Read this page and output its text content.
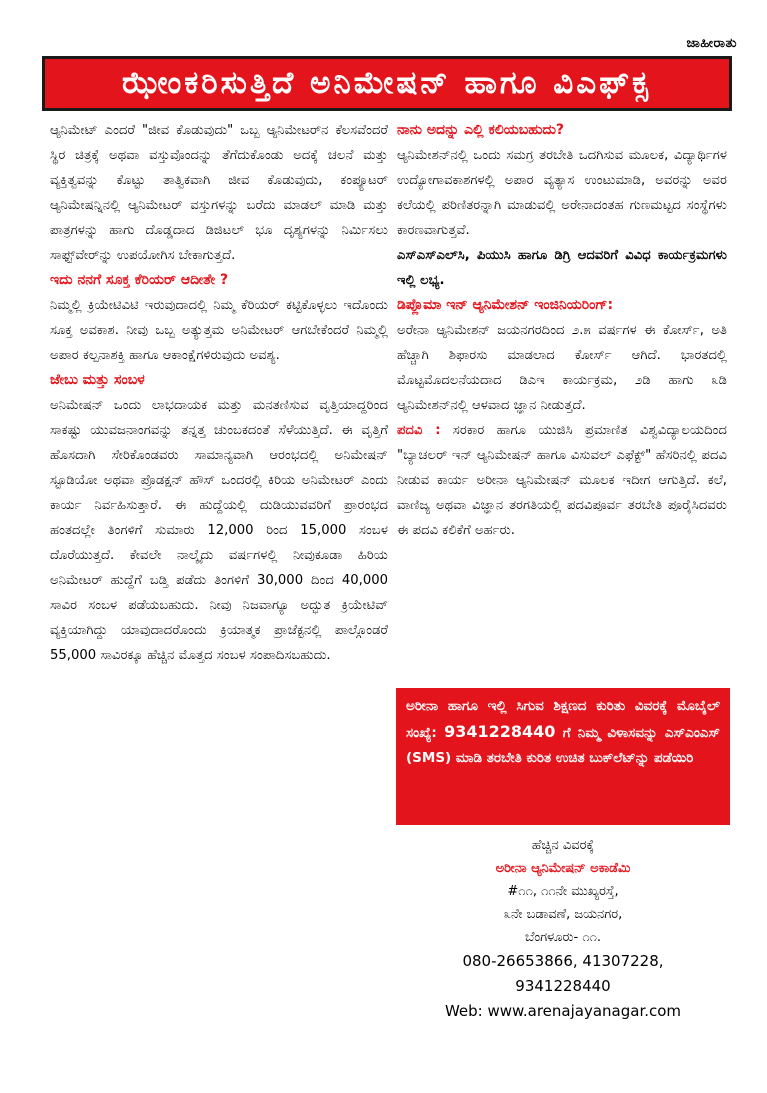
ಜಾಹೀರಾತು
ಝೇಂಕರಿಸುತ್ತಿದೆ ಅನಿಮೇಷನ್ ಹಾಗೂ ವಿಎಫ್‌ಕ್ಸ

ಆ್ಯನಿಮೇಟ್ ಎಂದರೆ "ಜೀವ ಕೊಡುವುದು" ಒಬ್ಬ ಆ್ಯನಿಮೇಟರ್‌ನ ಕೆಲಸವೆಂದರೆ ಸ್ಥಿರ ಚಿತ್ರಕ್ಕೆ ಅಥವಾ ವಸ್ತುವೊಂದನ್ನು ತೆಗೆದುಕೊಂಡು ಅದಕ್ಕೆ ಚಲನೆ ಮತ್ತು ವ್ಯಕ್ತಿತ್ವವನ್ನು ಕೊಟ್ಟು ತಾತ್ವಿಕವಾಗಿ ಜೀವ ಕೊಡುವುದು, ಕಂಪ್ಯೂಟರ್ ಆ್ಯನಿಮೇಷನ್ನಿನಲ್ಲಿ ಆ್ಯನಿಮೇಟರ್ ವಸ್ತುಗಳನ್ನು ಬರೆದು ಮಾಡಲ್ ಮಾಡಿ ಮತ್ತು ಪಾತ್ರಗಳನ್ನು ಹಾಗು ದೊಡ್ಡದಾದ ಡಿಜಿಟಲ್ ಭೂ ದೃಶ್ಯಗಳನ್ನು ನಿರ್ಮಿಸಲು ಸಾಫ್ಟ್‌ವೇರ್‌ನ್ನು ಉಪಯೋಗಿಸ ಬೇಕಾಗುತ್ತದೆ.

ಇದು ನನಗೆ ಸೂಕ್ತ ಕೆರಿಯರ್ ಆದೀತೇ ?

ನಿಮ್ಮಲ್ಲಿ ಕ್ರಿಯೇಟಿವಿಟಿ ಇರುವುದಾದಲ್ಲಿ ನಿಮ್ಮ ಕೆರಿಯರ್ ಕಟ್ಟಿಕೊಳ್ಳಲು ಇದೊಂದು ಸೂಕ್ತ ಅವಕಾಶ. ನೀವು ಒಬ್ಬ ಅತ್ಯುತ್ತಮ ಅನಿಮೇಟರ್ ಆಗಬೇಕೆಂದರೆ ನಿಮ್ಮಲ್ಲಿ ಅಪಾರ ಕಲ್ಪನಾಶಕ್ತಿ ಹಾಗೂ ಆಕಾಂಕ್ಷೆಗಳಿರುವುದು ಅವಶ್ಯ.

ಜೇಬು ಮತ್ತು ಸಂಬಳ

ಅನಿಮೇಷನ್ ಒಂದು ಲಾಭದಾಯಕ ಮತ್ತು ಮನತಣಿಸುವ ವೃತ್ತಿಯಾದ್ದರಿಂದ ಸಾಕಷ್ಟು ಯುವಜನಾಂಗವನ್ನು ತನ್ನತ್ತ ಚುಂಬಕದಂತೆ ಸೆಳೆಯುತ್ತಿದೆ. ಈ ವೃತ್ತಿಗೆ ಹೊಸದಾಗಿ ಸೇರಿಕೊಂಡವರು ಸಾಮಾನ್ಯವಾಗಿ ಆರಂಭದಲ್ಲಿ ಅನಿಮೇಷನ್ ಸ್ಟೂಡಿಯೋ ಅಥವಾ ಪ್ರೊಡಕ್ಷನ್ ಹೌಸ್ ಒಂದರಲ್ಲಿ ಕಿರಿಯ ಅನಿಮೇಟರ್ ಎಂದು ಕಾರ್ಯ ನಿರ್ವಹಿಸುತ್ತಾರೆ. ಈ ಹುದ್ದೆಯಲ್ಲಿ ದುಡಿಯುವವರಿಗೆ ಪ್ರಾರಂಭದ ಹಂತದಲ್ಲೇ ತಿಂಗಳಿಗೆ ಸುಮಾರು 12,000 ರಿಂದ 15,000 ಸಂಬಳ ದೊರೆಯುತ್ತದೆ. ಕೇವಲೇ ನಾಲ್ಕೈದು ವರ್ಷಗಳಲ್ಲಿ ನೀವುಕೂಡಾ ಹಿರಿಯ ಅನಿಮೇಟರ್ ಹುದ್ದೆಗೆ ಬಡ್ತಿ ಪಡೆದು ತಿಂಗಳಿಗೆ 30,000 ದಿಂದ 40,000 ಸಾವಿರ ಸಂಬಳ ಪಡೆಯಬಹುದು. ನೀವು ನಿಜವಾಗ್ಯೂ ಅದ್ಭುತ ಕ್ರಿಯೇಟಿವ್ ವ್ಯಕ್ತಿಯಾಗಿದ್ದು ಯಾವುದಾದರೊಂದು ಕ್ರಿಯಾತ್ಮಕ ಪ್ರಾಜೆಕ್ಟನಲ್ಲಿ ಪಾಲ್ಗೊಂಡರೆ 55,000 ಸಾವಿರಕ್ಕೂ ಹೆಚ್ಚಿನ ಮೊತ್ತದ ಸಂಬಳ ಸಂಪಾದಿಸಬಹುದು.

ನಾನು ಅದನ್ನು ಎಲ್ಲಿ ಕಲಿಯಬಹುದು?

ಆ್ಯನಿಮೇಶನ್‌ನಲ್ಲಿ ಒಂದು ಸಮಗ್ರ ತರಬೇತಿ ಒದಗಿಸುವ ಮೂಲಕ, ವಿದ್ಯಾರ್ಥಿಗಳ ಉದ್ಯೋಗಾವಕಾಶಗಳಲ್ಲಿ ಅಪಾರ ವ್ಯತ್ಯಾಸ ಉಂಟುಮಾಡಿ, ಅವರನ್ನು ಅವರ ಕಲೆಯಲ್ಲಿ ಪರಿಣಿತರನ್ನಾಗಿ ಮಾಡುವಲ್ಲಿ ಅರೇನಾದಂತಹ ಗುಣಮಟ್ಟದ ಸಂಸ್ಥೆಗಳು ಕಾರಣವಾಗುತ್ತವೆ.

ಎಸ್‌ಎಸ್‌ಎಲ್‌ಸಿ, ಪಿಯುಸಿ ಹಾಗೂ ಡಿಗ್ರಿ ಆದವರಿಗೆ ವಿವಿಧ ಕಾರ್ಯಕ್ರಮಗಳು ಇಲ್ಲಿ ಲಭ್ಯ.

ಡಿಪ್ಲೊಮಾ ಇನ್ ಆ್ಯನಿಮೇಶನ್ ಇಂಜಿನಿಯರಿಂಗ್:

ಅರೇನಾ ಆ್ಯನಿಮೇಶನ್ ಜಯನಗರದಿಂದ ೨.೫ ವರ್ಷಗಳ ಈ ಕೋರ್ಸ್, ಅತಿ ಹೆಚ್ಚಾಗಿ ಶಿಫಾರಸು ಮಾಡಲಾದ ಕೋರ್ಸ್ ಆಗಿದೆ. ಭಾರತದಲ್ಲಿ ಮೊಟ್ಟಮೊದಲನೆಯದಾದ ಡಿಎಇ ಕಾರ್ಯಕ್ರಮ, ೨ಡಿ ಹಾಗು ೩ಡಿ ಆ್ಯನಿಮೇಶನ್‌ನಲ್ಲಿ ಆಳವಾದ ಜ್ಞಾನ ನೀಡುತ್ತದೆ.

ಪದವಿ : ಸರಕಾರ ಹಾಗೂ ಯುಜಿಸಿ ಪ್ರಮಾಣಿತ ವಿಶ್ವವಿದ್ಯಾಲಯದಿಂದ "ಬ್ಯಾಚಲರ್ ಇನ್ ಆ್ಯನಿಮೇಷನ್ ಹಾಗೂ ವಿಸುವಲ್ ಎಫೆಕ್ಟ್" ಹೆಸರಿನಲ್ಲಿ ಪದವಿ ನೀಡುವ ಕಾರ್ಯ ಅರೀನಾ ಆ್ಯನಿಮೇಷನ್ ಮೂಲಕ ಇದೀಗ ಆಗುತ್ತಿದೆ. ಕಲೆ, ವಾಣಿಜ್ಯ ಅಥವಾ ವಿಜ್ಞಾನ ತರಗತಿಯಲ್ಲಿ ಪದವಿಪೂರ್ವ ತರಬೇತಿ ಪೂರೈಸಿದವರು ಈ ಪದವಿ ಕಲಿಕೆಗೆ ಅರ್ಹರು.

ಅರೀನಾ ಹಾಗೂ ಇಲ್ಲಿ ಸಿಗುವ ಶಿಕ್ಷಣದ ಕುರಿತು ವಿವರಕ್ಕೆ ಮೊಬೈಲ್ ಸಂಖ್ಯೆ: 9341228440 ಗೆ ನಿಮ್ಮ ವಿಳಾಸವನ್ನು ಎಸ್‌ಎಂಎಸ್ (SMS) ಮಾಡಿ ತರಬೇತಿ ಕುರಿತ ಉಚಿತ ಬುಕ್‌ಲೆಟ್‌ನ್ನು ಪಡೆಯಿರಿ
ಹೆಚ್ಚಿನ ವಿವರಕ್ಕೆ
ಅರೀನಾ ಆ್ಯನಿಮೇಷನ್ ಅಕಾಡೆಮಿ
#೧೧, ೧೧ನೇ ಮುಖ್ಯರಸ್ತೆ,
೩ನೇ ಬಡಾವಣೆ, ಜಯನಗರ,
ಬೆಂಗಳೂರು- ೧೧.
080-26653866, 41307228,
9341228440
Web: www.arenajayanagar.com
